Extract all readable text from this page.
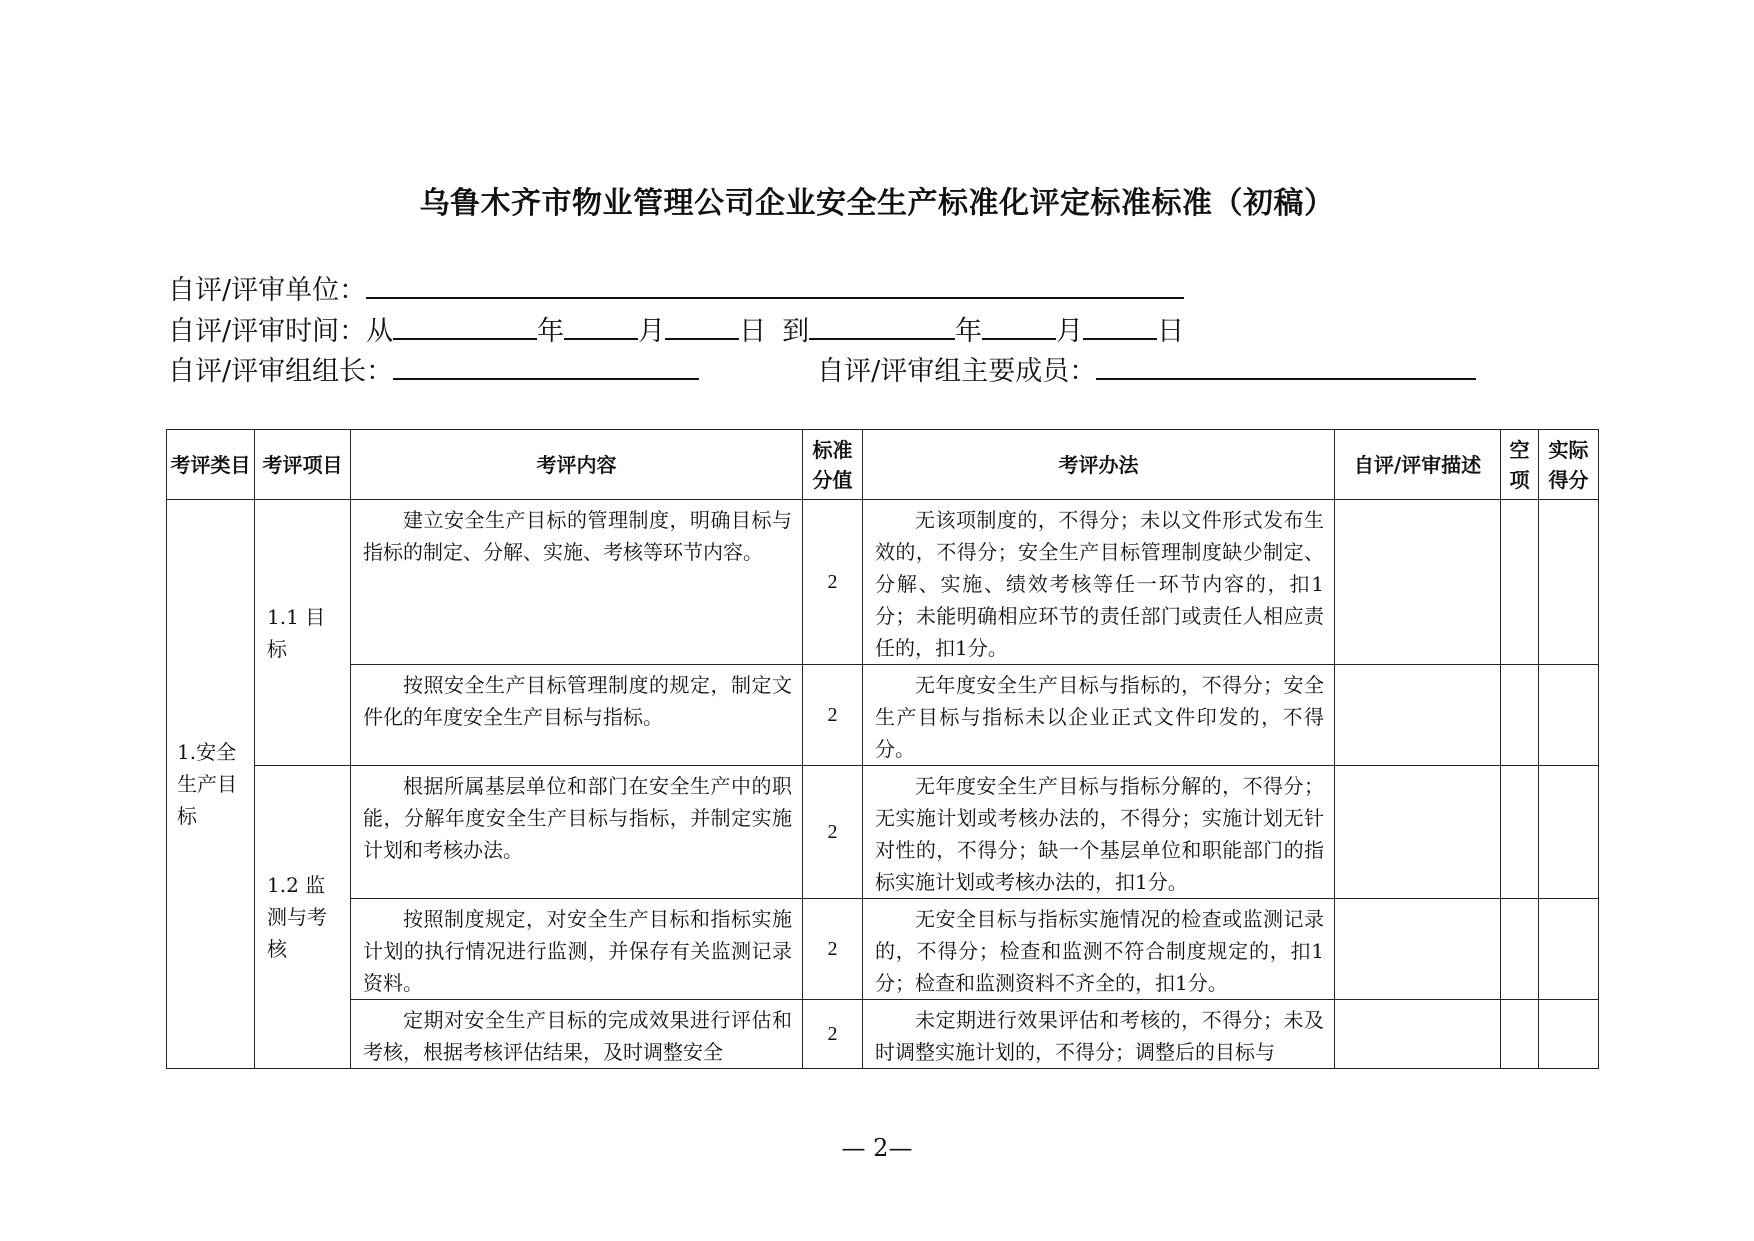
乌鲁木齐市物业管理公司企业安全生产标准化评定标准标准（初稿）
自评/评审单位：
自评/评审时间：从	年	月	日 到	年	月	日
自评/评审组组长：	自评/评审组主要成员：
考评类目	考评项目	考评内容	标准分值	考评办法	自评/评审描述	空项	实际得分
1.安全生产目标	1.1 目标	建立安全生产目标的管理制度，明确目标与指标的制定、分解、实施、考核等环节内容。	2	无该项制度的，不得分；未以文件形式发布生效的，不得分；安全生产目标管理制度缺少制定、分解、实施、绩效考核等任一环节内容的，扣1分；未能明确相应环节的责任部门或责任人相应责任的，扣1分。			
		按照安全生产目标管理制度的规定，制定文件化的年度安全生产目标与指标。	2	无年度安全生产目标与指标的，不得分；安全生产目标与指标未以企业正式文件印发的，不得分。			
	1.2 监测与考核	根据所属基层单位和部门在安全生产中的职能，分解年度安全生产目标与指标，并制定实施计划和考核办法。	2	无年度安全生产目标与指标分解的，不得分；无实施计划或考核办法的，不得分；实施计划无针对性的，不得分；缺一个基层单位和职能部门的指标实施计划或考核办法的，扣1分。			
		按照制度规定，对安全生产目标和指标实施计划的执行情况进行监测，并保存有关监测记录资料。	2	无安全目标与指标实施情况的检查或监测记录的，不得分；检查和监测不符合制度规定的，扣1分；检查和监测资料不齐全的，扣1分。			
		定期对安全生产目标的完成效果进行评估和考核，根据考核评估结果，及时调整安全	2	未定期进行效果评估和考核的，不得分；未及时调整实施计划的，不得分；调整后的目标与			
— 2—
